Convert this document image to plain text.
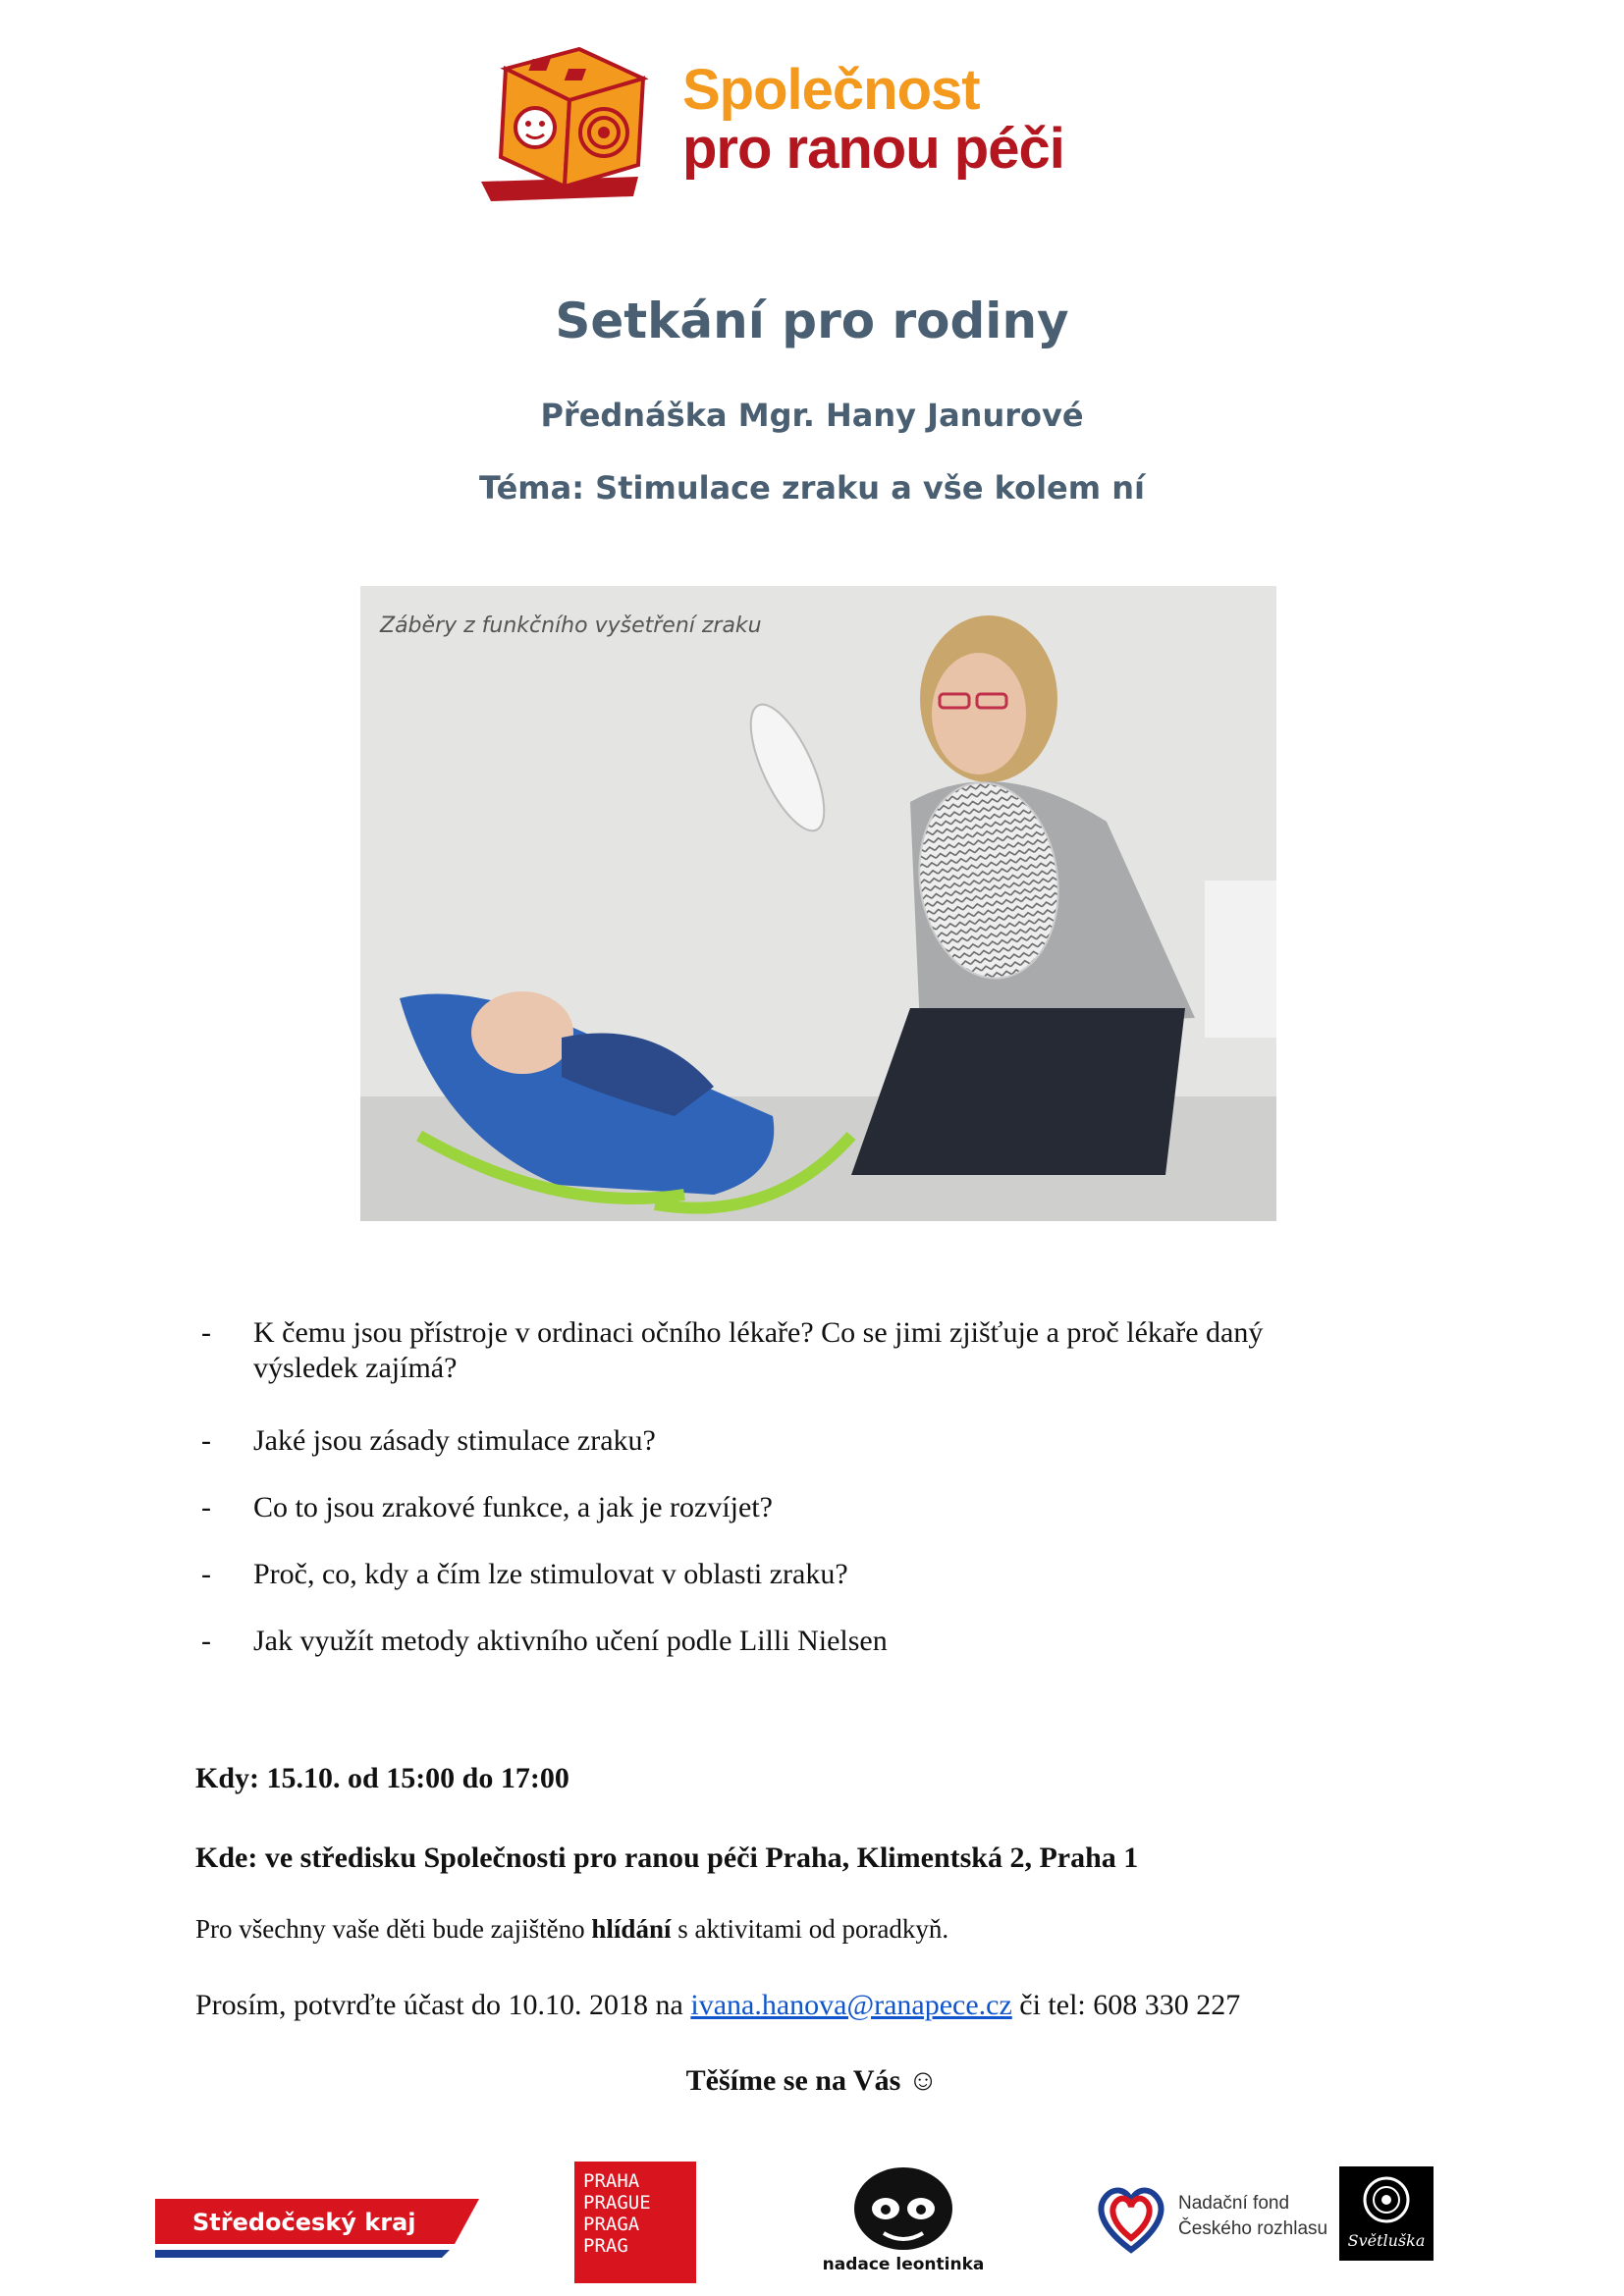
Společnost
pro ranou péči
Setkání pro rodiny
Přednáška Mgr. Hany Janurové
Téma: Stimulace zraku a vše kolem ní
Záběry z funkčního vyšetření zraku
- K čemu jsou přístroje v ordinaci očního lékaře? Co se jimi zjišťuje a proč lékaře daný výsledek zajímá?
- Jaké jsou zásady stimulace zraku?
- Co to jsou zrakové funkce, a jak je rozvíjet?
- Proč, co, kdy a čím lze stimulovat v oblasti zraku?
- Jak využít metody aktivního učení podle Lilli Nielsen
Kdy: 15.10. od 15:00 do 17:00
Kde: ve středisku Společnosti pro ranou péči Praha, Klimentská 2, Praha 1
Pro všechny vaše děti bude zajištěno hlídání s aktivitami od poradkyň.
Prosím, potvrďte účast do 10.10. 2018 na ivana.hanova@ranapece.cz či tel: 608 330 227
Těšíme se na Vás ☺
Středočeský kraj
PRAHA
PRAGUE
PRAGA
PRAG
nadace leontinka
Nadační fond
Českého rozhlasu
Světluška
